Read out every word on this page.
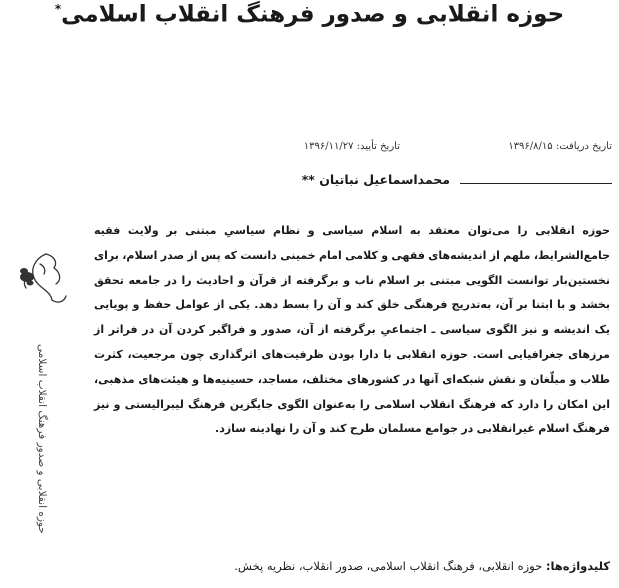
حوزه انقلابی و صدور فرهنگ انقلاب اسلامی*
تاریخ دریافت: ۱۳۹۶/۸/۱۵
تاریخ تأیید: ۱۳۹۶/۱۱/۲۷
محمداسماعیل نباتیان **
حوزه انقلابی را می‌توان معتقد به اسلام سیاسی و نظام سیاسیِ مبتنی بر ولایت فقیه جامع‌الشرایط، ملهم از اندیشه‌های فقهی و کلامی امام خمینی دانست که پس از صدر اسلام، برای نخستین‌بار توانست الگویی مبتنی بر اسلام ناب و برگرفته از قرآن و احادیث را در جامعه تحقق بخشد و با ابتنا بر آن، به‌تدریج فرهنگی خلق کند و آن را بسط دهد. یکی از عوامل حفظ و پویایی یک اندیشه و نیز الگوی سیاسی ـ اجتماعیِ برگرفته از آن، صدور و فراگیر کردن آن در فراتر از مرزهای جغرافیایی است. حوزه انقلابی با دارا بودن ظرفیت‌های اثرگذاری چون مرجعیت، کثرت طلاب و مبلّغان و نقش شبکه‌ای آنها در کشورهای مختلف، مساجد، حسینیه‌ها و هیئت‌های مذهبی، این امکان را دارد که فرهنگ انقلاب اسلامی را به‌عنوان الگوی جایگزین فرهنگ لیبرالیستی و نیز فرهنگ اسلام غیرانقلابی در جوامع مسلمان طرح کند و آن را نهادینه سازد.
کلیدواژه‌ها: حوزه انقلابی، فرهنگ انقلاب اسلامی، صدور انقلاب، نظریه پخش.
حوزه انقلابی و صدور فرهنگ انقلاب اسلامی
